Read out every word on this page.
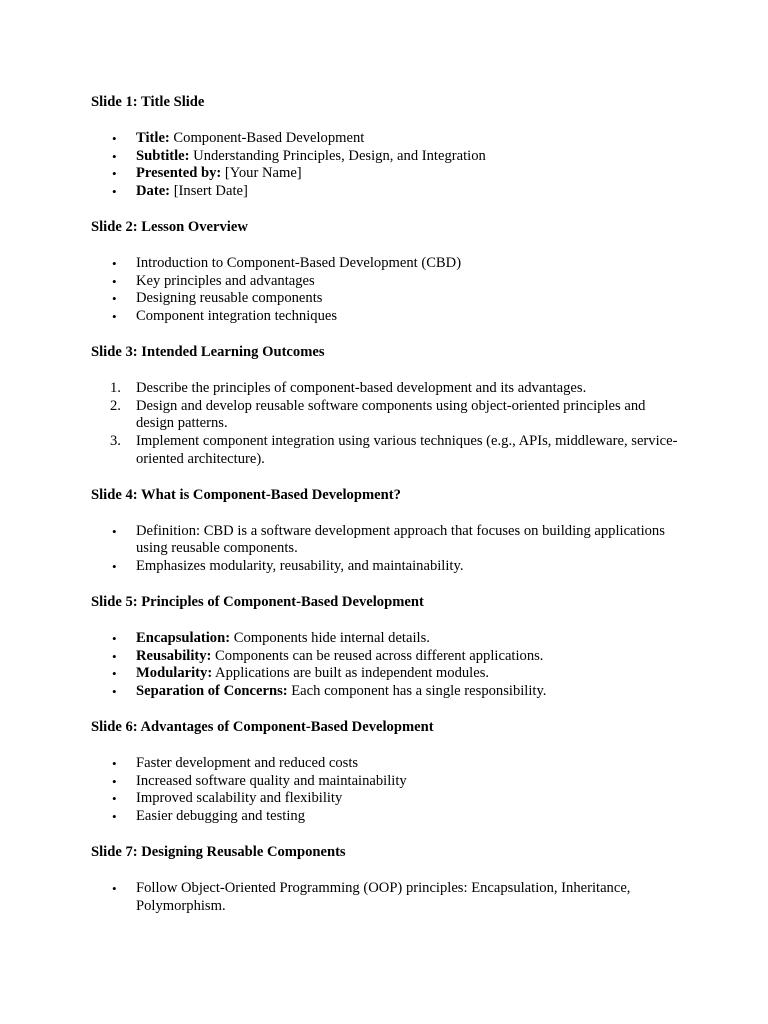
Slide 1: Title Slide

• Title: Component-Based Development
• Subtitle: Understanding Principles, Design, and Integration
• Presented by: [Your Name]
• Date: [Insert Date]

Slide 2: Lesson Overview

• Introduction to Component-Based Development (CBD)
• Key principles and advantages
• Designing reusable components
• Component integration techniques

Slide 3: Intended Learning Outcomes

1. Describe the principles of component-based development and its advantages.
2. Design and develop reusable software components using object-oriented principles and design patterns.
3. Implement component integration using various techniques (e.g., APIs, middleware, service-oriented architecture).

Slide 4: What is Component-Based Development?

• Definition: CBD is a software development approach that focuses on building applications using reusable components.
• Emphasizes modularity, reusability, and maintainability.

Slide 5: Principles of Component-Based Development

• Encapsulation: Components hide internal details.
• Reusability: Components can be reused across different applications.
• Modularity: Applications are built as independent modules.
• Separation of Concerns: Each component has a single responsibility.

Slide 6: Advantages of Component-Based Development

• Faster development and reduced costs
• Increased software quality and maintainability
• Improved scalability and flexibility
• Easier debugging and testing

Slide 7: Designing Reusable Components

• Follow Object-Oriented Programming (OOP) principles: Encapsulation, Inheritance, Polymorphism.
